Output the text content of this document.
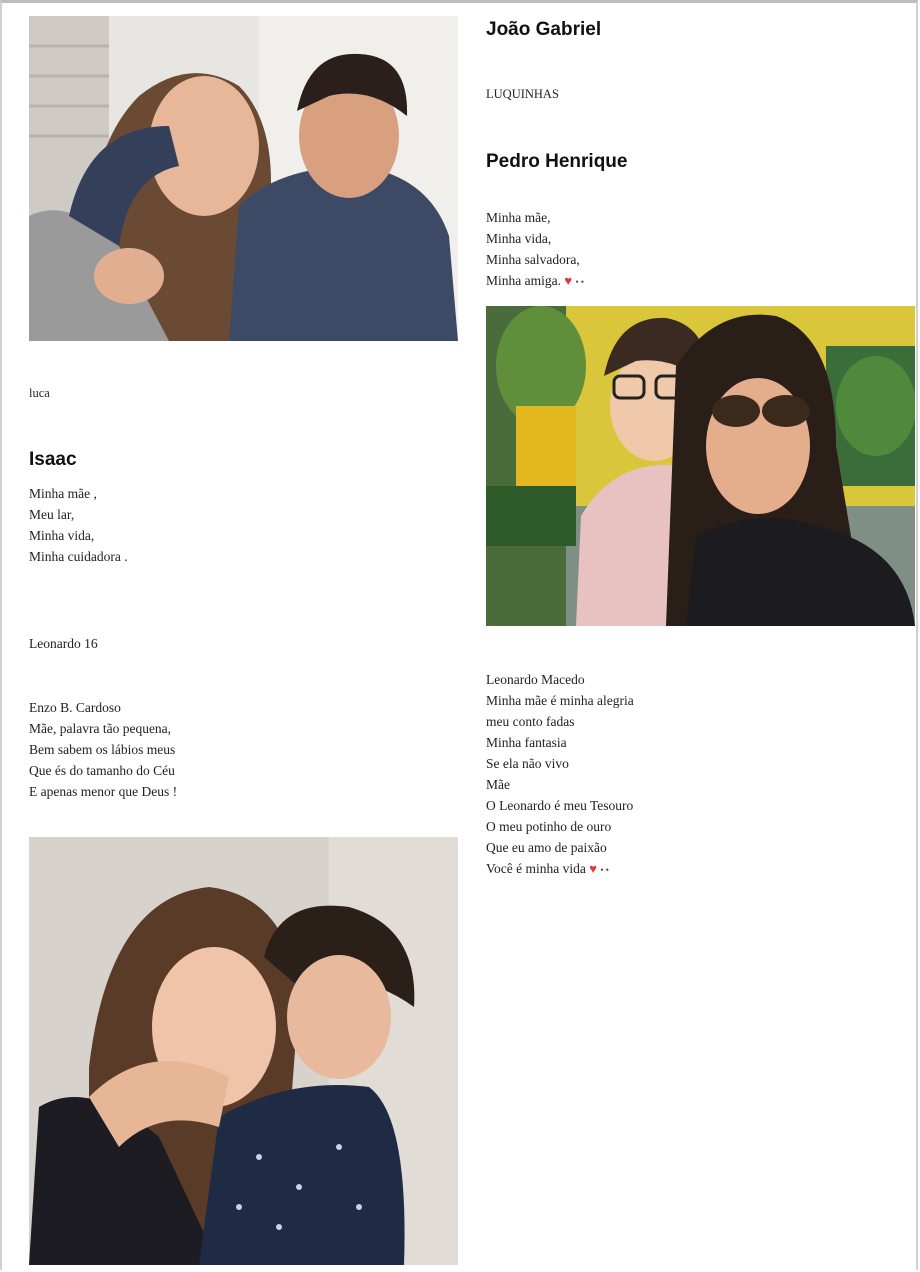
luca
Isaac
Minha mãe ,
Meu lar,
Minha vida,
Minha cuidadora .
Leonardo 16
Enzo B. Cardoso
Mãe, palavra tão pequena,
Bem sabem os lábios meus
Que és do tamanho do Céu
E apenas menor que Deus !
João Gabriel
LUQUINHAS
Pedro Henrique
Minha mãe,
Minha vida,
Minha salvadora,
Minha amiga. ♥ • •
Leonardo Macedo
Minha mãe é minha alegria
meu conto fadas
Minha fantasia
Se ela não vivo
Mãe
O Leonardo é meu Tesouro
O meu potinho de ouro
Que eu amo de paixão
Você é minha vida ♥ • •
